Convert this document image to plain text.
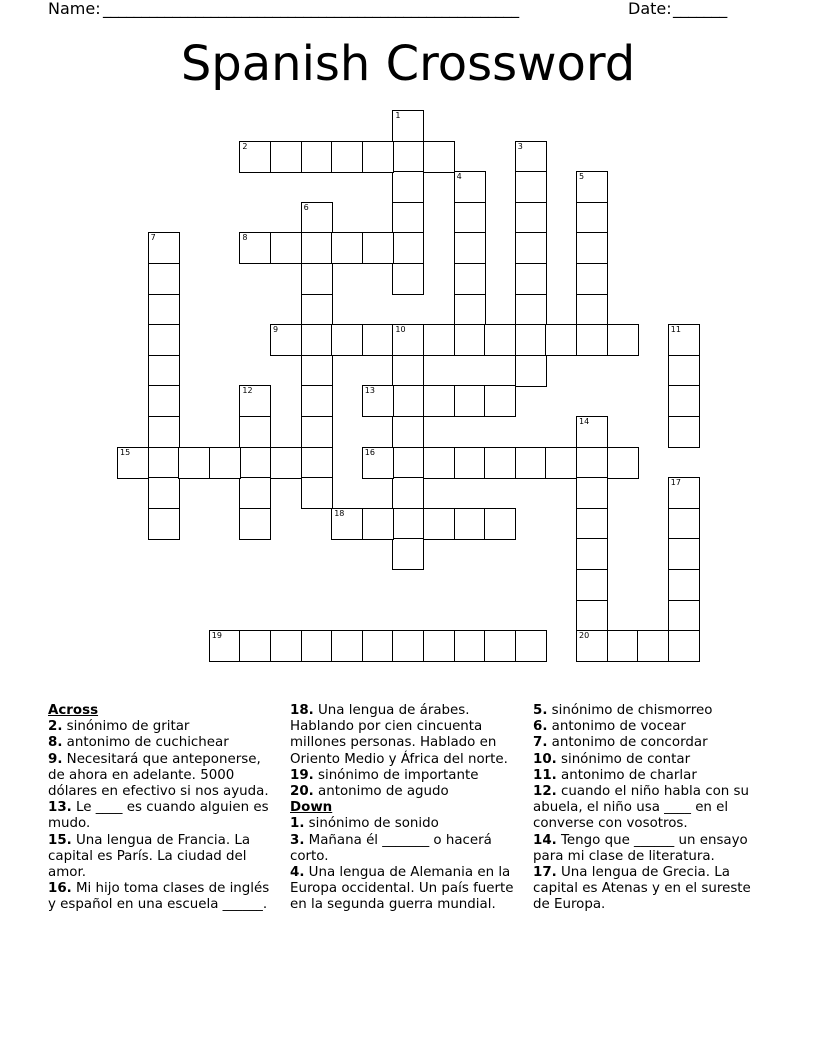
Name: ______________________________________________________	Date: _______
Spanish Crossword
1
2	3
4	5
6
7	8
9	10	11
12	13
14
15	16
17
18
19	20
Across

2. sinónimo de gritar

8. antonimo de cuchichear

9. Necesitará que anteponerse, de ahora en adelante. 5000 dólares en efectivo si nos ayuda.

13. Le ____ es cuando alguien es mudo.

15. Una lengua de Francia. La capital es París. La ciudad del amor.

16. Mi hijo toma clases de inglés y español en una escuela ______.

18. Una lengua de árabes. Hablando por cien cincuenta millones personas. Hablado en Oriento Medio y África del norte.

19. sinónimo de importante

20. antonimo de agudo

Down

1. sinónimo de sonido

3. Mañana él _______ o hacerá corto.

4. Una lengua de Alemania en la Europa occidental. Un país fuerte en la segunda guerra mundial.

5. sinónimo de chismorreo

6. antonimo de vocear

7. antonimo de concordar

10. sinónimo de contar

11. antonimo de charlar

12. cuando el niño habla con su abuela, el niño usa ____ en el converse con vosotros.

14. Tengo que ______ un ensayo para mi clase de literatura.

17. Una lengua de Grecia. La capital es Atenas y en el sureste de Europa.
